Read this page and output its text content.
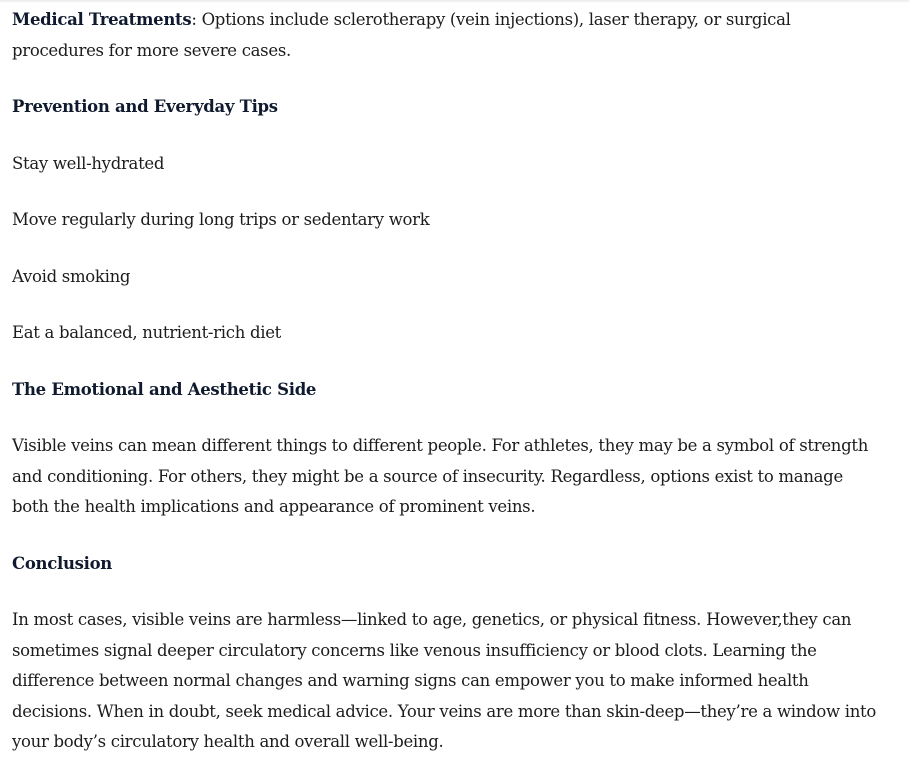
Medical Treatments: Options include sclerotherapy (vein injections), laser therapy, or surgical procedures for more severe cases.

Prevention and Everyday Tips

Stay well-hydrated

Move regularly during long trips or sedentary work

Avoid smoking

Eat a balanced, nutrient-rich diet

The Emotional and Aesthetic Side

Visible veins can mean different things to different people. For athletes, they may be a symbol of strength and conditioning. For others, they might be a source of insecurity. Regardless, options exist to manage both the health implications and appearance of prominent veins.

Conclusion

In most cases, visible veins are harmless—linked to age, genetics, or physical fitness. However,they can sometimes signal deeper circulatory concerns like venous insufficiency or blood clots. Learning the difference between normal changes and warning signs can empower you to make informed health decisions. When in doubt, seek medical advice. Your veins are more than skin-deep—they’re a window into your body’s circulatory health and overall well-being.
